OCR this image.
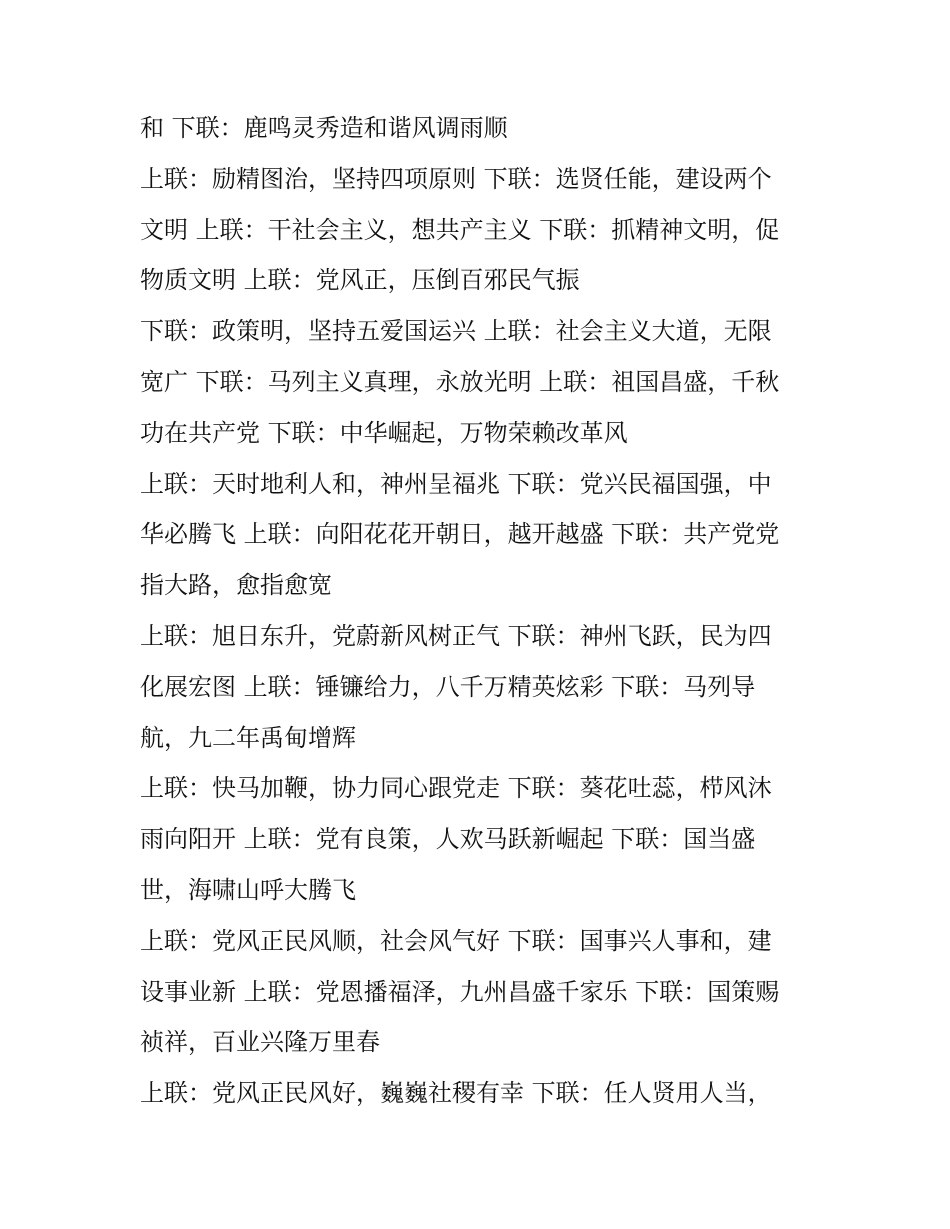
和 下联：鹿鸣灵秀造和谐风调雨顺
上联：励精图治，坚持四项原则 下联：选贤任能，建设两个
文明 上联：干社会主义，想共产主义 下联：抓精神文明，促
物质文明 上联：党风正，压倒百邪民气振
下联：政策明，坚持五爱国运兴 上联：社会主义大道，无限
宽广 下联：马列主义真理，永放光明 上联：祖国昌盛，千秋
功在共产党 下联：中华崛起，万物荣赖改革风
上联：天时地利人和，神州呈福兆 下联：党兴民福国强，中
华必腾飞 上联：向阳花花开朝日，越开越盛 下联：共产党党
指大路，愈指愈宽
上联：旭日东升，党蔚新风树正气 下联：神州飞跃，民为四
化展宏图 上联：锤镰给力，八千万精英炫彩 下联：马列导
航，九二年禹甸增辉
上联：快马加鞭，协力同心跟党走 下联：葵花吐蕊，栉风沐
雨向阳开 上联：党有良策，人欢马跃新崛起 下联：国当盛
世，海啸山呼大腾飞
上联：党风正民风顺，社会风气好 下联：国事兴人事和，建
设事业新 上联：党恩播福泽，九州昌盛千家乐 下联：国策赐
祯祥，百业兴隆万里春
上联：党风正民风好，巍巍社稷有幸 下联：任人贤用人当，
